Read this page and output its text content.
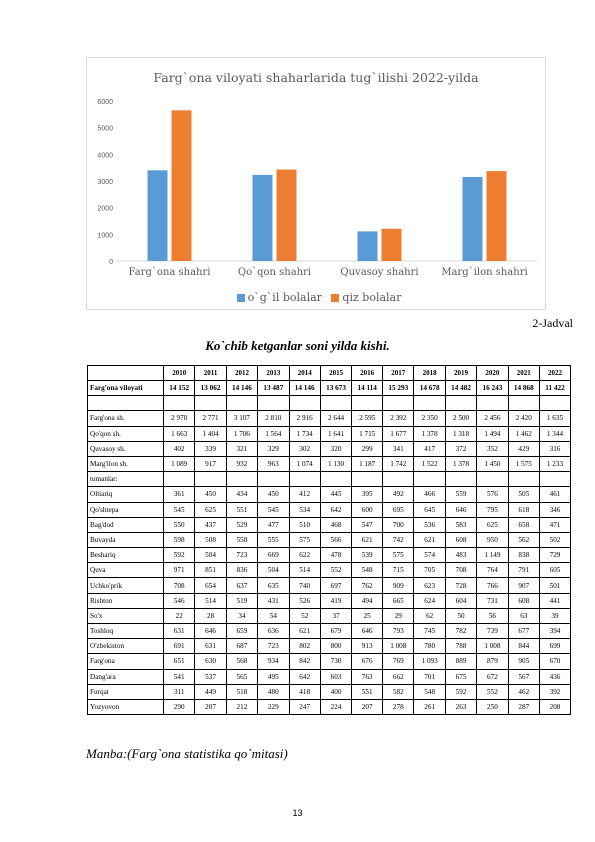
Farg`ona viloyati shaharlarida tug`ilishi 2022-yilda
0
1000
2000
3000
4000
5000
6000
Farg`ona shahri	Qo`qon shahri	Quvasoy shahri Marg`ilon shahri
o`g`il bolalar qiz bolalar
2-Jadval
Ko`chib ketganlar soni yilda kishi.
	2010	2011	2012	2013	2014	2015	2016	2017	2018	2019	2020	2021	2022
Farg'ona viloyati	14 152	13 062	14 146	13 487	14 146	13 673	14 114	15 293	14 678	14 482	16 243	14 868	11 422

Farg'ona sh.	2 970	2 771	3 107	2 810	2 916	2 644	2 595	2 392	2 350	2 500	2 456	2 420	1 635
Qo'qon sh.	1 663	1 404	1 706	1 564	1 734	1 641	1 715	1 677	1 378	1 318	1 494	1 462	1 344
Quvasoy sh.	402	339	321	329	302	320	299	341	417	372	352	429	316
Marg'ilon sh.	1 089	917	932	963	1 074	1 130	1 187	1 742	1 522	1 378	1 450	1 575	1 233
tumanlar:													
Oltiariq	361	450	434	450	412	445	395	492	466	559	576	505	461
Qo'shtepa	545	625	551	545	534	642	600	695	645	646	795	618	346
Bag'dod	550	437	529	477	510	468	547	700	536	583	625	658	471
Buvayda	598	508	558	555	575	566	621	742	621	608	950	562	502
Beshariq	592	504	723	669	622	478	539	575	574	483	1 149	838	729
Quva	971	851	836	504	514	552	548	715	705	708	764	791	605
Uchko'prik	708	654	637	635	740	697	762	909	623	728	766	907	501
Rishton	546	514	519	431	526	419	494	665	624	604	731	608	441
So'x	22	28	34	54	52	37	25	29	62	50	56	63	39
Toshloq	631	646	659	636	621	679	646	793	745	782	739	677	394
O'zbekiston	691	631	687	723	802	800	913	1 008	780	788	1 008	844	699
Farg'ona	651	630	568	934	842	730	676	769	1 093	889	879	905	670
Dang'ara	541	537	565	495	642	603	763	662	701	675	672	567	436
Furqat	311	449	518	480	418	400	551	582	548	592	552	462	392
Yozyovon	290	207	212	229	247	224	207	278	261	263	250	287	208
Manba:(Farg`ona statistika qo`mitasi)
13
